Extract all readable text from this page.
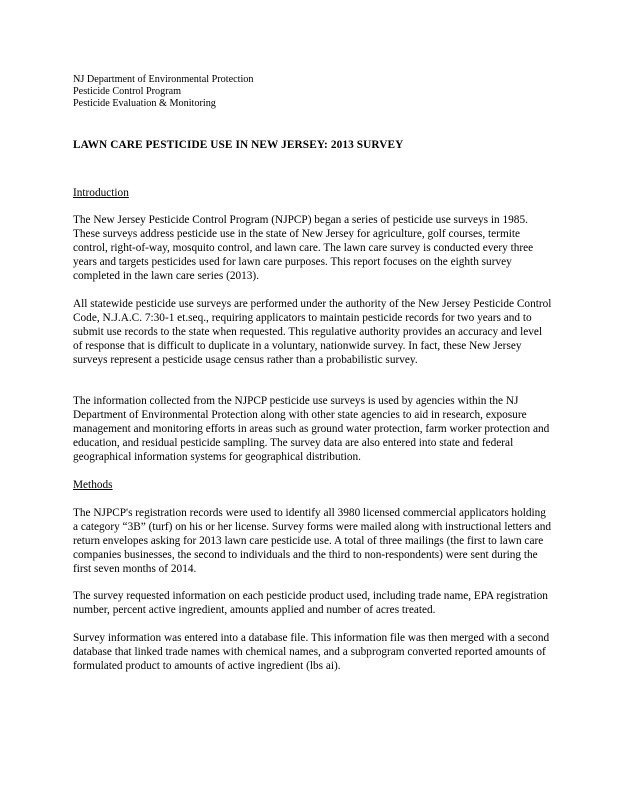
NJ Department of Environmental Protection
Pesticide Control Program
Pesticide Evaluation & Monitoring
LAWN CARE PESTICIDE USE IN NEW JERSEY: 2013 SURVEY
Introduction

The New Jersey Pesticide Control Program (NJPCP) began a series of pesticide use surveys in 1985. These surveys address pesticide use in the state of New Jersey for agriculture, golf courses, termite control, right-of-way, mosquito control, and lawn care. The lawn care survey is conducted every three years and targets pesticides used for lawn care purposes. This report focuses on the eighth survey completed in the lawn care series (2013).

All statewide pesticide use surveys are performed under the authority of the New Jersey Pesticide Control Code, N.J.A.C. 7:30-1 et.seq., requiring applicators to maintain pesticide records for two years and to submit use records to the state when requested. This regulative authority provides an accuracy and level of response that is difficult to duplicate in a voluntary, nationwide survey. In fact, these New Jersey surveys represent a pesticide usage census rather than a probabilistic survey.

The information collected from the NJPCP pesticide use surveys is used by agencies within the NJ Department of Environmental Protection along with other state agencies to aid in research, exposure management and monitoring efforts in areas such as ground water protection, farm worker protection and education, and residual pesticide sampling. The survey data are also entered into state and federal geographical information systems for geographical distribution.

Methods

The NJPCP's registration records were used to identify all 3980 licensed commercial applicators holding a category “3B” (turf) on his or her license. Survey forms were mailed along with instructional letters and return envelopes asking for 2013 lawn care pesticide use. A total of three mailings (the first to lawn care companies businesses, the second to individuals and the third to non-respondents) were sent during the first seven months of 2014.

The survey requested information on each pesticide product used, including trade name, EPA registration number, percent active ingredient, amounts applied and number of acres treated.

Survey information was entered into a database file. This information file was then merged with a second database that linked trade names with chemical names, and a subprogram converted reported amounts of formulated product to amounts of active ingredient (lbs ai).
